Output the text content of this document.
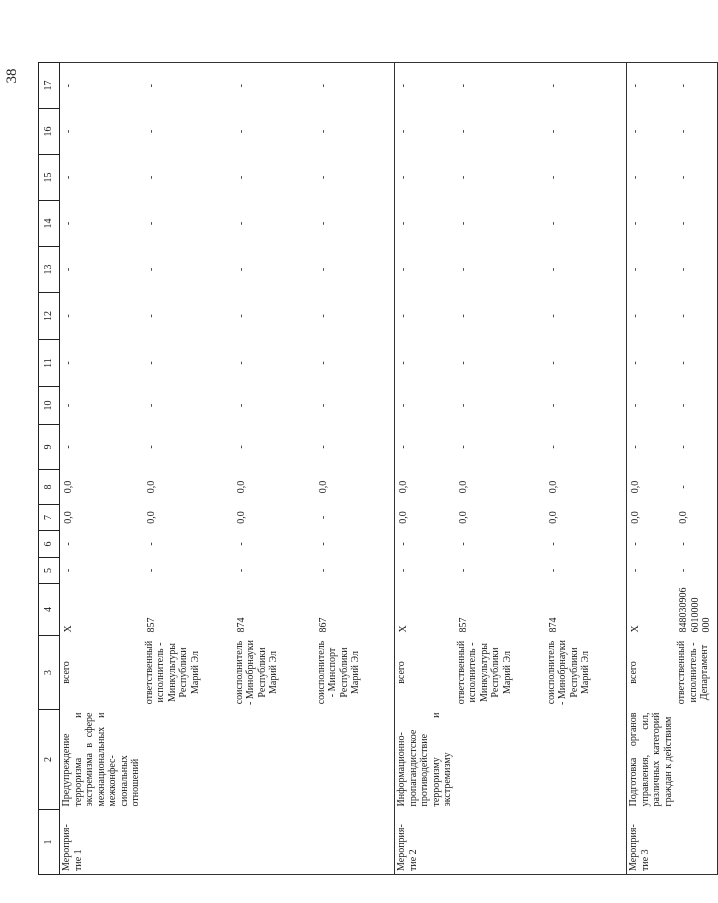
38
1	2	3	4	5	6	7	8	9	10	11	12	13	14	15	16	17
Мероприя-
тие 1	Предупреждение терроризма и экстремизма в сфере межнациональных и межконфес-сиональных отношений	всего	Х	-	-	0,0	0,0	-	-	-	-	-	-	-	-	-
		ответственный исполнитель - Минкультуры Республики Марий Эл	857	-	-	0,0	0,0	-	-	-	-	-	-	-	-	-
		соисполнитель - Минобрнауки Республики Марий Эл	874	-	-	0,0	0,0	-	-	-	-	-	-	-	-	-
		соисполнитель - Минспорт Республики Марий Эл	867	-	-	-	0,0	-	-	-	-	-	-	-	-	-
Мероприя-
тие 2	Информационно-пропагандистское противодействие терроризму и экстремизму	всего	Х	-	-	0,0	0,0	-	-	-	-	-	-	-	-	-
		ответственный исполнитель - Минкультуры Республики Марий Эл	857	-	-	0,0	0,0	-	-	-	-	-	-	-	-	-
		соисполнитель - Минобрнауки Республики Марий Эл	874	-	-	0,0	0,0	-	-	-	-	-	-	-	-	-
Мероприя-
тие 3	Подготовка органов управления, сил, различных категорий граждан к действиям	всего	Х	-	-	0,0	0,0	-	-	-	-	-	-	-	-	-
		ответственный исполнитель - Департамент	848030906 6010000 000	-	-	0,0	-	-	-	-	-	-	-	-	-	-
